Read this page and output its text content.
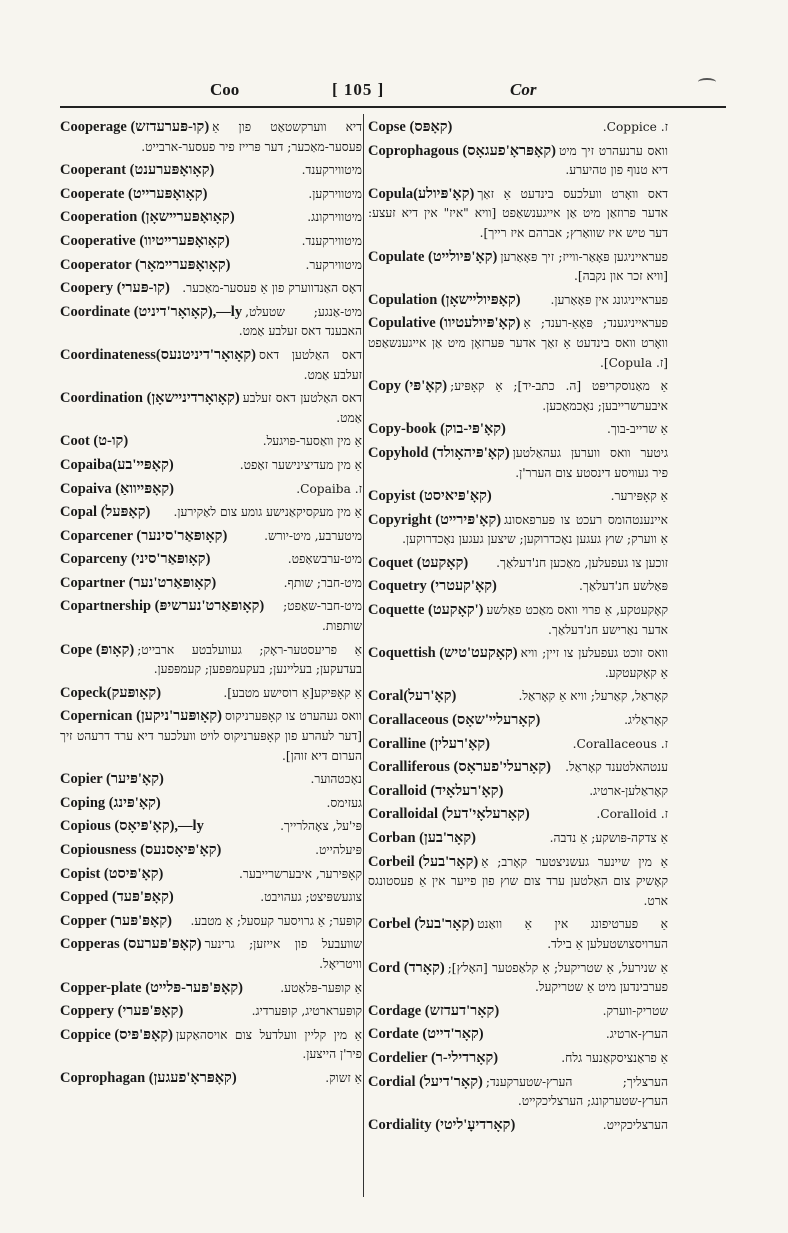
Coo	[ 105 ]	Cor
Cooperage (קו-פּערעדזש) דיא ווערקשטאַט פון אַ פעסער-מאַכער; דער פּרייז פיר פעסער-ארבייט.
Cooperant (קאָואָפּערענט)	מיטווירקענד.
Cooperate (קאָואָפּערייט)	מיטווירקען.
Cooperation (קאָואָפּערײשאָן)	מיטווירקונג.
Cooperative (קאָואָפּערײטיוו)	מיטווירקענד.
Cooperator (קאָואָפּערײמאָר)	מיטווירקער.
Coopery (קו-פּערי) דאָס האַנדווערק פון אַ פעסער-מאַכער.
Coordinate (קאָואָר'דיניט),—ly מיט-אַנגע; שטעלט, האבענד דאס זעלבע אַמט.
Coordinateness(קאָואָר'דיניטנעס) דאס האַלטען דאס זעלבע אַמט.
Coordination (קאָואָרדינײשאָן) דאס האַלטען דאס זעלבע אַמט.
Coot (קו-ט)	אַ מין וואַסער-פויגעל.
Copaiba(קאָפּײ'בע)	אַ מין מעדיצינישער זאַפט.
Copaiva (קאָפּײוואַ)	ז. Copaiba.
Copal (קאָפּעל) אַ מין מעקסיקאַנישע גומע צום לאַקירען.
Coparcener (קאָופּאַר'סינער)	מיטערבע, מיט-יורש.
Coparceny (קאָופּאַר'סיני)	מיט-ערבשאַפט.
Copartner (קאָופּאַרט'נער)	מיט-חבר; שותף.
Copartnership (קאָופּאַרט'נערשיפּ) מיט-חבר-שאַפט; שותפות.
Cope (קאָופּ) אַ פריעסטער-ראָק; געוועלבטע ארבייט; בעדעקען; בעליינען; בעקעמפּפען; קעמפּפען.
Copeck(קאָופּעק)	אַ קאָפּיקע[אַ רוסישע מטבע].
Copernican (קאָופּער'ניקען) וואס געהערט צו קאָפּערניקוס [דער לעהרע פון קאָפּערניקוס לויט וועלכער דיא ערד דרעהט זיך הערום דיא זוהן].
Copier (קאָ'פּיער)	נאָכטהוער.
Coping (קאָ'פּינג)	געזימס.
Copious (קאָ'פּיאָס),—ly	פּי'על, צאָהלרייך.
Copiousness (קאָ'פּיאָסנעס)	פּיעלהייט.
Copist (קאָ'פּיסט)	קאָפּירער, איבערשרייבער.
Copped (קאָפּ'פּעד)	צוגעשפּיצט; געהויבט.
Copper (קאָפּ'פּער) קופּער; אַ גרויסער קעסעל; אַ מטבע.
Copperas (קאָפּ'פּערעס) שוועבעל פון אייזען; גרינער וויטריאָל.
Copper-plate (קאָפּ'פּער-פּלייט)	אַ קופּער-פּלאַטע.
Coppery (קאָפּ'פּערי)	קופּערארטיג, קופּערדיג.
Coppice (קאָפּ'פּיס) אַ מין קליין וועלדעל צום אויסהאַקען פיר'ן הייצען.
Coprophagan (קאָפּראָ'פעגען)	אַ זשוק.
Copse (קאָפּס)	ז. Coppice.
Coprophagous (קאָפּראָ'פעגאָס) וואס ערנעהרט זיך מיט דיא טנוף פון טהיערע.
Copula(קאָ'פּיולע) דאס וואָרט וועלכעס בינדעט אַ זאַך אדער פרוזאַן מיט אַן אייגענשאַפט [וויא "איז" אין דיא זעצע: דער טיש איז שוואַרץ; אברהם איז רייך].
Copulate (קאָ'פּיולייט) פעראייניגען פּאָאַר-ווייז; זיך פּאָאַרען [וויא זכר און נקבה].
Copulation (קאָפּיולײשאָן) פעראייניגונג אין פּאָאַרען.
Copulative (קאָ'פּיולעטיוו) פעראייניגענד; פּאָאַ-רענד; אַ וואָרט וואס בינדעט אַ זאַך אדער פּערזאָן מיט אַן אייגענשאַפט [ז. Copula].
Copy (קאָ'פּי) אַ מאַנוסקריפּט [ה. כתב-יד]; אַ קאָפּיע; איבערשרייבען; נאָכמאַכען.
Copy-book (קאָ'פּי-בוק)	אַ שרייב-בוך.
Copyhold (קאָ'פּיהאָולד) גיטער וואס ווערען געהאַלטען פיר געוויסע דינסטע צום הערר'ן.
Copyist (קאָ'פּיאיסט)	אַ קאָפּירער.
Copyright (קאָ'פּירײט) איינענטהומס רעכט צו פערפאסונג אַ ווערק; שוץ געגען נאָכדרוקען; שיצען געגען נאָכדרוקען.
Coquet (קאָקעט) זוכען צו געפעלען, מאַכען חנ'דעלאַך.
Coquetry (קאָ'קעטרי)	פּאַלשע חנ'דעלאַך.
Coquette (קאָקעט') קאָקעטקע, אַ פרוי וואס מאַכט פאַלשע אדער נאַרישע חנ'דעלאַך.
Coquettish (קאָקעט'טיש) וואס זוכט געפעלען צו זיין; וויא אַ קאָקעטקע.
Coral(קאָ'רעל)	קאָראַל, קאַרעל; וויא אַ קאָראַל.
Corallaceous (קאָרעלײ'שאָס)	קאָראַליג.
Coralline (קאָ'רעלין)	ז. Corallaceous.
Coralliferous (קאָרעלי'פעראָס) ענטהאלטענד קאָראַל.
Coralloid (קאָ'רעלאָיד)	קאָראַלען-ארטיג.
Coralloidal (קאָרעלאָי'דעל)	ז. Coralloid.
Corban (קאָר'בען)	אַ צדקה-פּושקע; אַ נדבה.
Corbeil (קאָר'בעל) אַ מין שיינער געשניצטער קאָרב; אַ קאָשיק צום האַלטען ערד צום שוץ פון פייער אין אַ פעסטונגס ארט.
Corbel (קאָר'בעל) אַ פערטיפונג אין אַ וואַנט הערויסצושטעלען אַ בילד.
Cord (קאָרד) אַ שנירעל, אַ שטריקעל; אַ קלאַפטער [האָלץ]; פערבינדען מיט אַ שטריקעל.
Cordage (קאָר'דעדזש)	שטריק-ווערק.
Cordate (קאָר'דייט)	הערץ-ארטיג.
Cordelier (קאָרדילי-ר)	אַ פראַנציסקאַנער גלח.
Cordial (קאָר'דיעל) הערצליך; הערץ-שטערקענד; הערץ-שטערקונג; הערצליכקייט.
Cordiality (קאָרדיעָ'ליטי)	הערצליכקייט.
